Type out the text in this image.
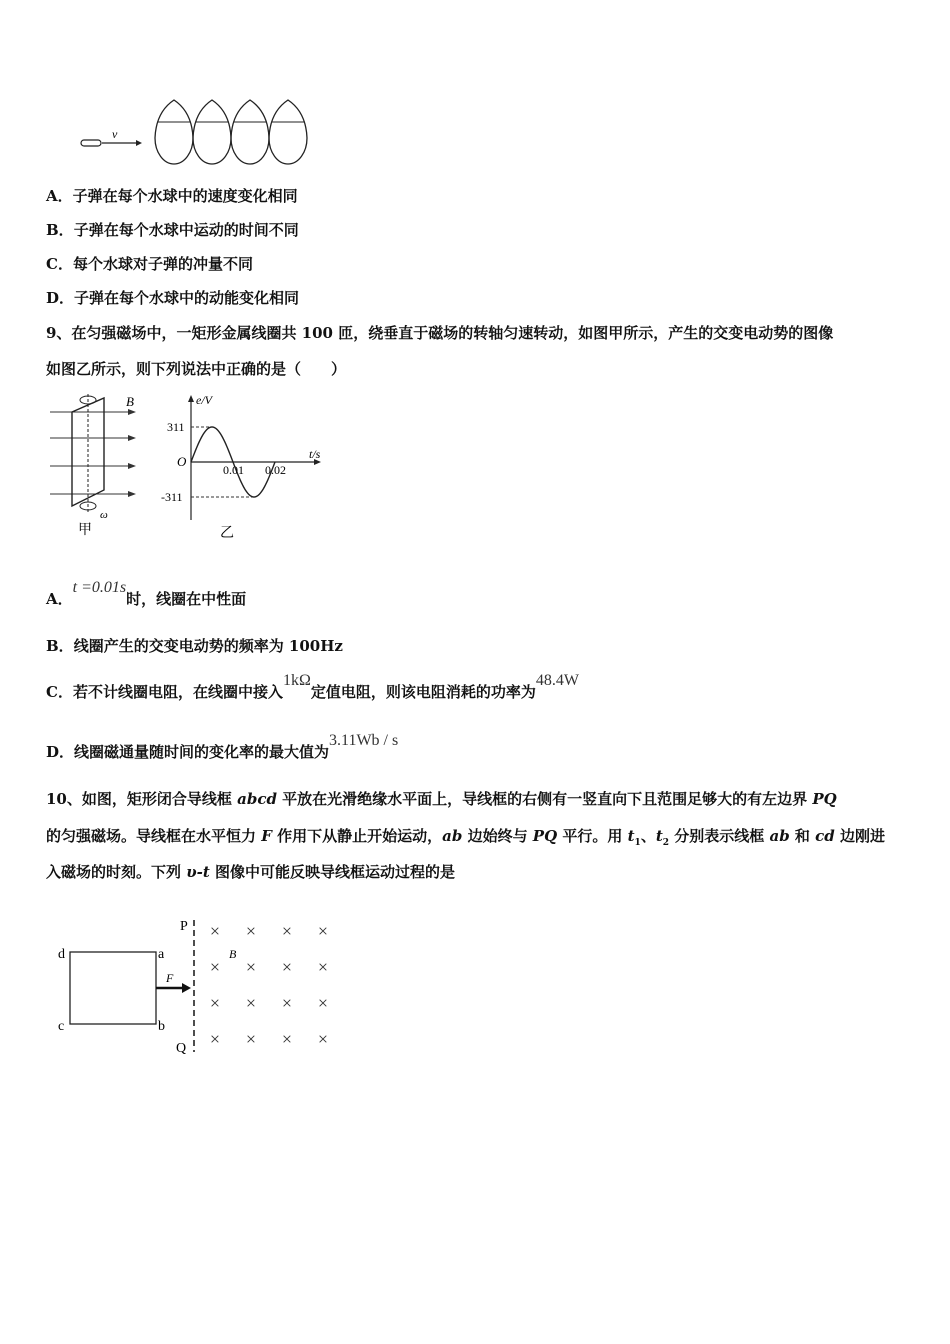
v
A．子弹在每个水球中的速度变化相同
B．子弹在每个水球中运动的时间不同
C．每个水球对子弹的冲量不同
D．子弹在每个水球中的动能变化相同
9、在匀强磁场中，一矩形金属线圈共 100 匝，绕垂直于磁场的转轴匀速转动，如图甲所示，产生的交变电动势的图像
如图乙所示，则下列说法中正确的是（　　）
B
ω
甲
e/V
t/s
O
311
-311
0.01 0.02
乙
A．t =0.01s时，线圈在中性面
B．线圈产生的交变电动势的频率为 100Hz
C．若不计线圈电阻，在线圈中接入1kΩ定值电阻，则该电阻消耗的功率为48.4W
D．线圈磁通量随时间的变化率的最大值为3.11Wb / s
10、如图，矩形闭合导线框 abcd 平放在光滑绝缘水平面上，导线框的右侧有一竖直向下且范围足够大的有左边界 PQ
的匀强磁场。导线框在水平恒力 F 作用下从静止开始运动，ab 边始终与 PQ 平行。用 $t_1$、$t_2$ 分别表示线框 ab 和 cd 边刚进
入磁场的时刻。下列 υ-t 图像中可能反映导线框运动过程的是
d
c
a
b
F
P
Q
B
× × × ×
× × × ×
× × × ×
× × × ×
